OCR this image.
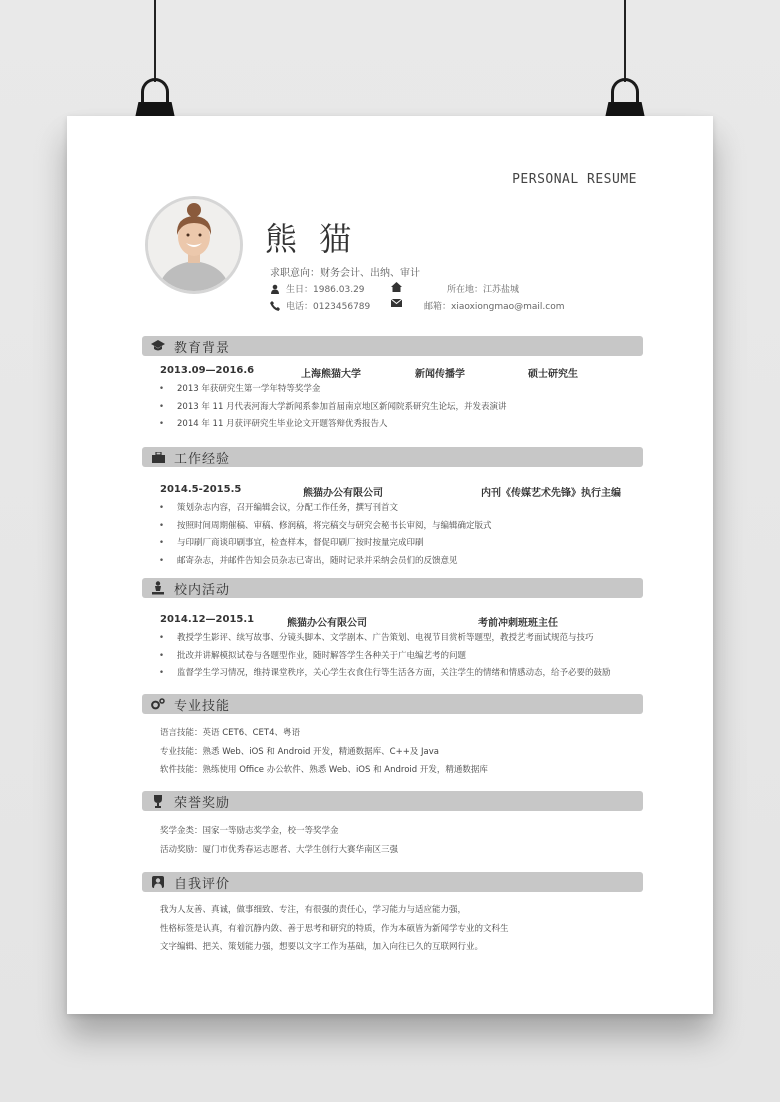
PERSONAL RESUME
熊 猫
求职意向：财务会计、出纳、审计
生日：1986.03.29	所在地：江苏盐城
电话：0123456789	邮箱：xiaoxiongmao@mail.com
教育背景
2013.09—2016.6	上海熊猫大学	新闻传播学	硕士研究生
• 2013 年获研究生第一学年特等奖学金
• 2013 年 11 月代表河海大学新闻系参加首届南京地区新闻院系研究生论坛，并发表演讲
• 2014 年 11 月获评研究生毕业论文开题答辩优秀报告人
工作经验
2014.5-2015.5	熊猫办公有限公司	内刊《传媒艺术先锋》执行主编
• 策划杂志内容，召开编辑会议，分配工作任务，撰写刊首文
• 按照时间周期催稿、审稿、修润稿，将完稿交与研究会秘书长审阅，与编辑确定版式
• 与印刷厂商谈印刷事宜，检查样本，督促印刷厂按时按量完成印刷
• 邮寄杂志，并邮件告知会员杂志已寄出，随时记录并采纳会员们的反馈意见
校内活动
2014.12—2015.1	熊猫办公有限公司	考前冲刺班班主任
• 教授学生影评、续写故事、分镜头脚本、文学剧本、广告策划、电视节目赏析等题型，教授艺考面试规范与技巧
• 批改并讲解模拟试卷与各题型作业，随时解答学生各种关于广电编艺考的问题
• 监督学生学习情况，维持课堂秩序，关心学生衣食住行等生活各方面，关注学生的情绪和情感动态，给予必要的鼓励
专业技能
语言技能：英语 CET6、CET4、粤语
专业技能：熟悉 Web、iOS 和 Android 开发，精通数据库、C++及 Java
软件技能：熟练使用 Office 办公软件、熟悉 Web、iOS 和 Android 开发，精通数据库
荣誉奖励
奖学金类：国家一等励志奖学金，校一等奖学金
活动奖励：厦门市优秀春运志愿者、大学生创行大赛华南区三强
自我评价
我为人友善、真诚，做事细致、专注，有很强的责任心，学习能力与适应能力强，
性格标签是认真，有着沉静内敛、善于思考和研究的特质，作为本硕皆为新闻学专业的文科生
文字编辑、把关、策划能力强，想要以文字工作为基础，加入向往已久的互联网行业。
